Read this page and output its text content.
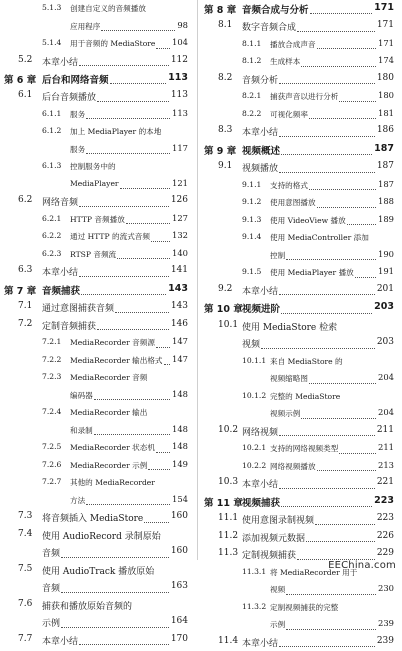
5.1.3 创建自定义的音频播放
应用程序	98
5.1.4 用于音频的 MediaStore 104
5.2 本章小结	112
第 6 章 后台和网络音频	113
6.1 后台音频播放	113
6.1.1 服务	113
6.1.2 加上 MediaPlayer 的本地
服务	117
6.1.3 控制服务中的
MediaPlayer	121
6.2 网络音频	126
6.2.1 HTTP 音频播放	127
6.2.2 通过 HTTP 的流式音频	132
6.2.3 RTSP 音频流	140
6.3 本章小结	141
第 7 章 音频捕获	143
7.1 通过意图捕获音频	143
7.2 定制音频捕获	146
7.2.1 MediaRecorder 音频源 147
7.2.2 MediaRecorder 输出格式 147
7.2.3 MediaRecorder 音频
编码器	148
7.2.4 MediaRecorder 输出
和录制	148
7.2.5 MediaRecorder 状态机 148
7.2.6 MediaRecorder 示例	149
7.2.7 其他的 MediaRecorder
方法	154
7.3 将音频插入 MediaStore	160
7.4 使用 AudioRecord 录制原始
音频	160
7.5 使用 AudioTrack 播放原始
音频	163
7.6 捕获和播放原始音频的
示例	164
7.7 本章小结	170
第 8 章 音频合成与分析	171
8.1 数字音频合成	171
8.1.1 播放合成声音	171
8.1.2 生成样本	174
8.2 音频分析	180
8.2.1 捕获声音以进行分析	180
8.2.2 可视化频率	181
8.3 本章小结	186
第 9 章 视频概述	187
9.1 视频播放	187
9.1.1 支持的格式	187
9.1.2 使用意图播放	188
9.1.3 使用 VideoView 播放	189
9.1.4 使用 MediaController 添加
控制	190
9.1.5 使用 MediaPlayer 播放	191
9.2 本章小结	201
第 10 章 视频进阶	203
10.1 使用 MediaStore 检索
视频	203
10.1.1 来自 MediaStore 的
视频缩略图	204
10.1.2 完整的 MediaStore
视频示例	204
10.2 网络视频	211
10.2.1 支持的网络视频类型	211
10.2.2 网络视频播放	213
10.3 本章小结	221
第 11 章 视频捕获	223
11.1 使用意图录制视频	223
11.2 添加视频元数据	226
11.3 定制视频捕获	229
11.3.1 将 MediaRecorder 用于
视频	230
11.3.2 定制视频捕获的完整
示例	239
11.4 本章小结	239
EEChina.com
